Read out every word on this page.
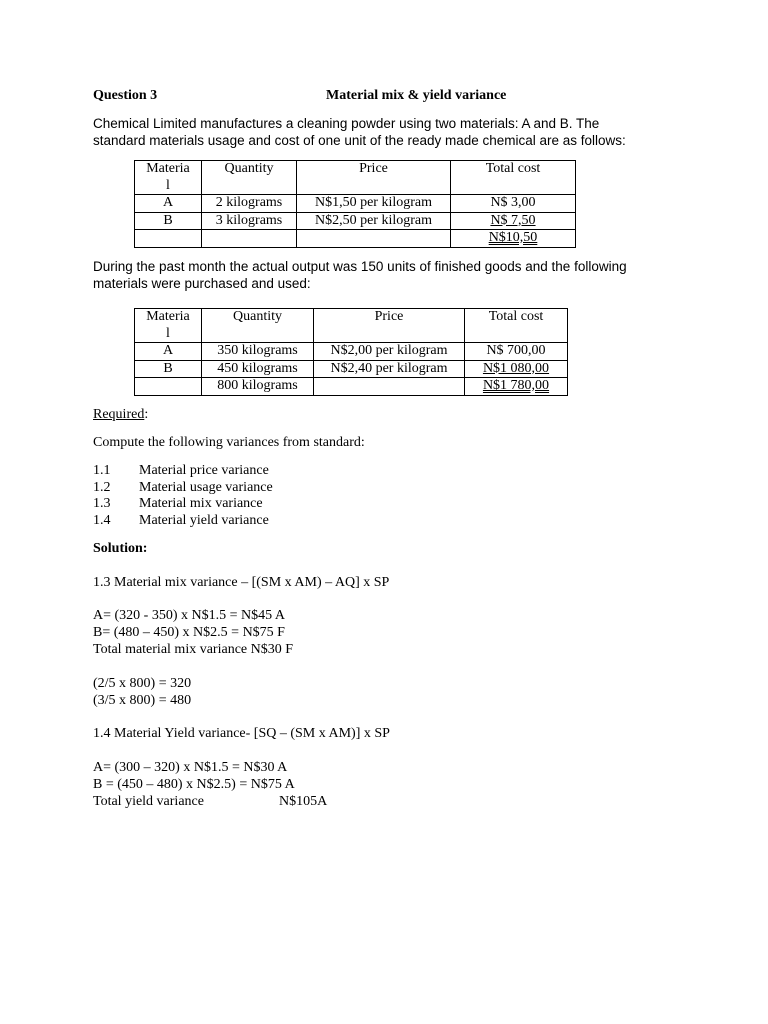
Question 3	Material mix & yield variance
Chemical Limited manufactures a cleaning powder using two materials: A and B. The
standard materials usage and cost of one unit of the ready made chemical are as follows:
Materia
l	Quantity	Price	Total cost
A	2 kilograms	N$1,50 per kilogram	N$ 3,00
B	3 kilograms	N$2,50 per kilogram	N$ 7,50
			N$10,50
During the past month the actual output was 150 units of finished goods and the following
materials were purchased and used:
Materia
l	Quantity	Price	Total cost
A	350 kilograms	N$2,00 per kilogram	N$ 700,00
B	450 kilograms	N$2,40 per kilogram	N$1 080,00
	800 kilograms		N$1 780,00
Required:
Compute the following variances from standard:
1.1 Material price variance
1.2 Material usage variance
1.3 Material mix variance
1.4 Material yield variance
Solution:
1.3 Material mix variance – [(SM x AM) – AQ] x SP
A= (320 - 350) x N$1.5 = N$45 A
B= (480 – 450) x N$2.5 = N$75 F
Total material mix variance N$30 F
(2/5 x 800) = 320
(3/5 x 800) = 480
1.4 Material Yield variance- [SQ – (SM x AM)] x SP
A= (300 – 320) x N$1.5 = N$30 A
B = (450 – 480) x N$2.5) = N$75 A
Total yield variance	N$105A
